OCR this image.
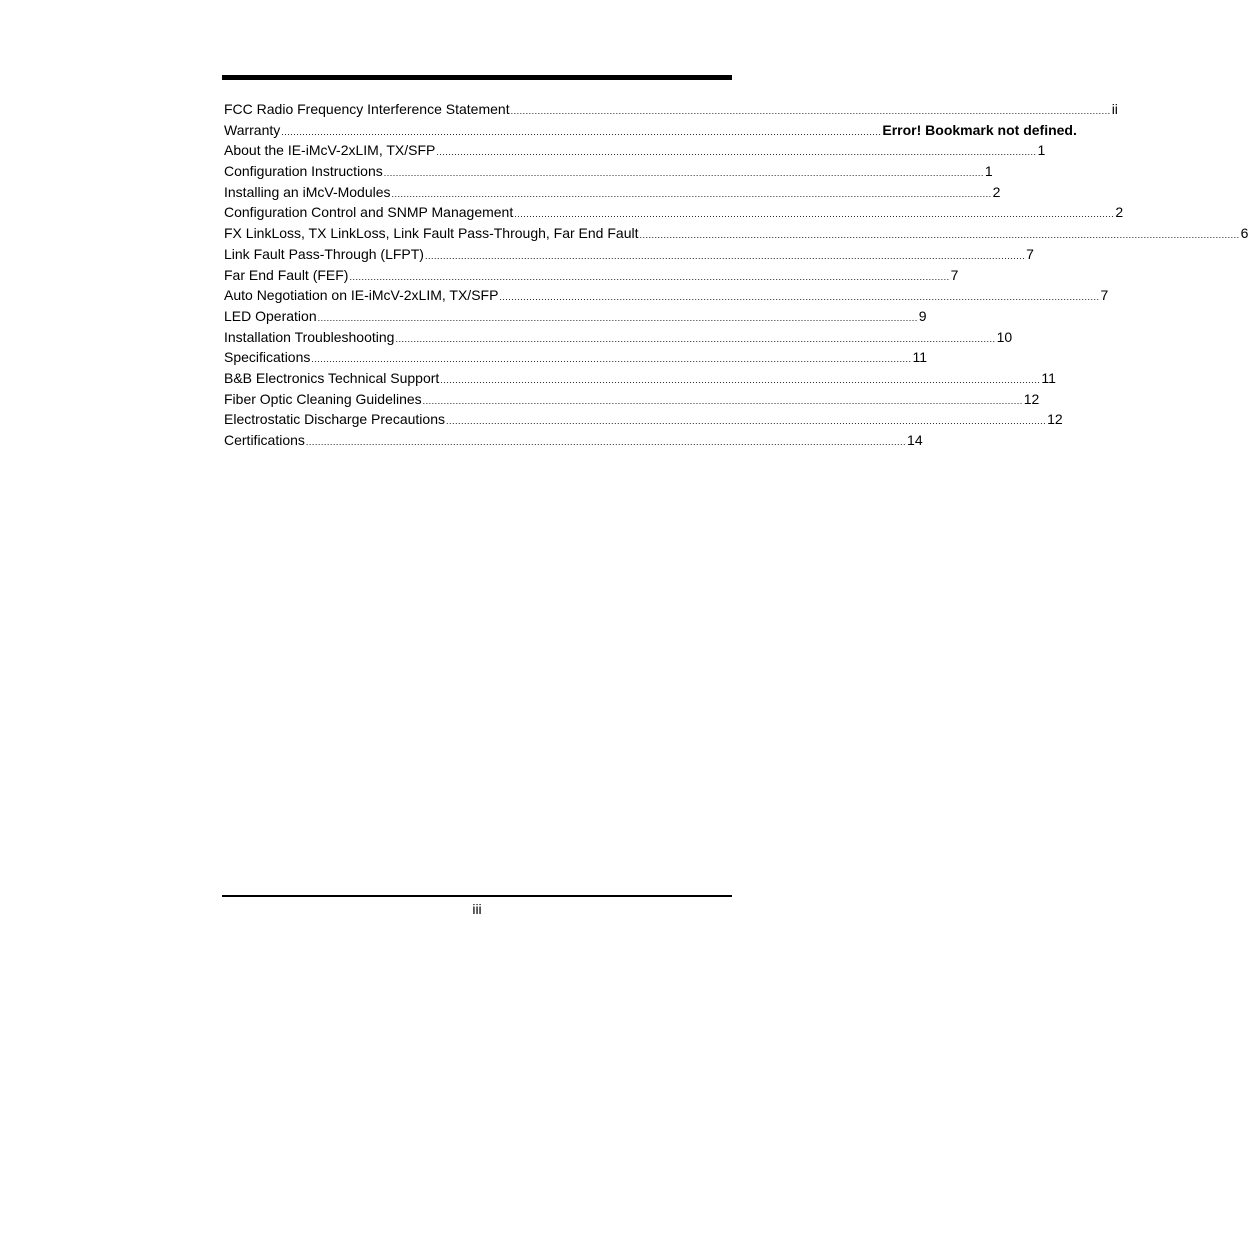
FCC Radio Frequency Interference Statement ........................................................................................................................................................................................................ ii
Warranty ........................................................................................................................................................................................................ Error! Bookmark not defined.
About the IE-iMcV-2xLIM, TX/SFP ........................................................................................................................................................................................................ 1
Configuration Instructions ........................................................................................................................................................................................................ 1
Installing an iMcV-Modules ........................................................................................................................................................................................................ 2
Configuration Control and SNMP Management ........................................................................................................................................................................................................ 2
FX LinkLoss, TX LinkLoss, Link Fault Pass-Through, Far End Fault ........................................................................................................................................................................................................ 6
Link Fault Pass-Through (LFPT) ........................................................................................................................................................................................................ 7
Far End Fault (FEF) ........................................................................................................................................................................................................ 7
Auto Negotiation on IE-iMcV-2xLIM, TX/SFP ........................................................................................................................................................................................................ 7
LED Operation ........................................................................................................................................................................................................ 9
Installation Troubleshooting ........................................................................................................................................................................................................ 10
Specifications ........................................................................................................................................................................................................ 11
B&B Electronics Technical Support ........................................................................................................................................................................................................ 11
Fiber Optic Cleaning Guidelines ........................................................................................................................................................................................................ 12
Electrostatic Discharge Precautions ........................................................................................................................................................................................................ 12
Certifications ........................................................................................................................................................................................................ 14
iii
